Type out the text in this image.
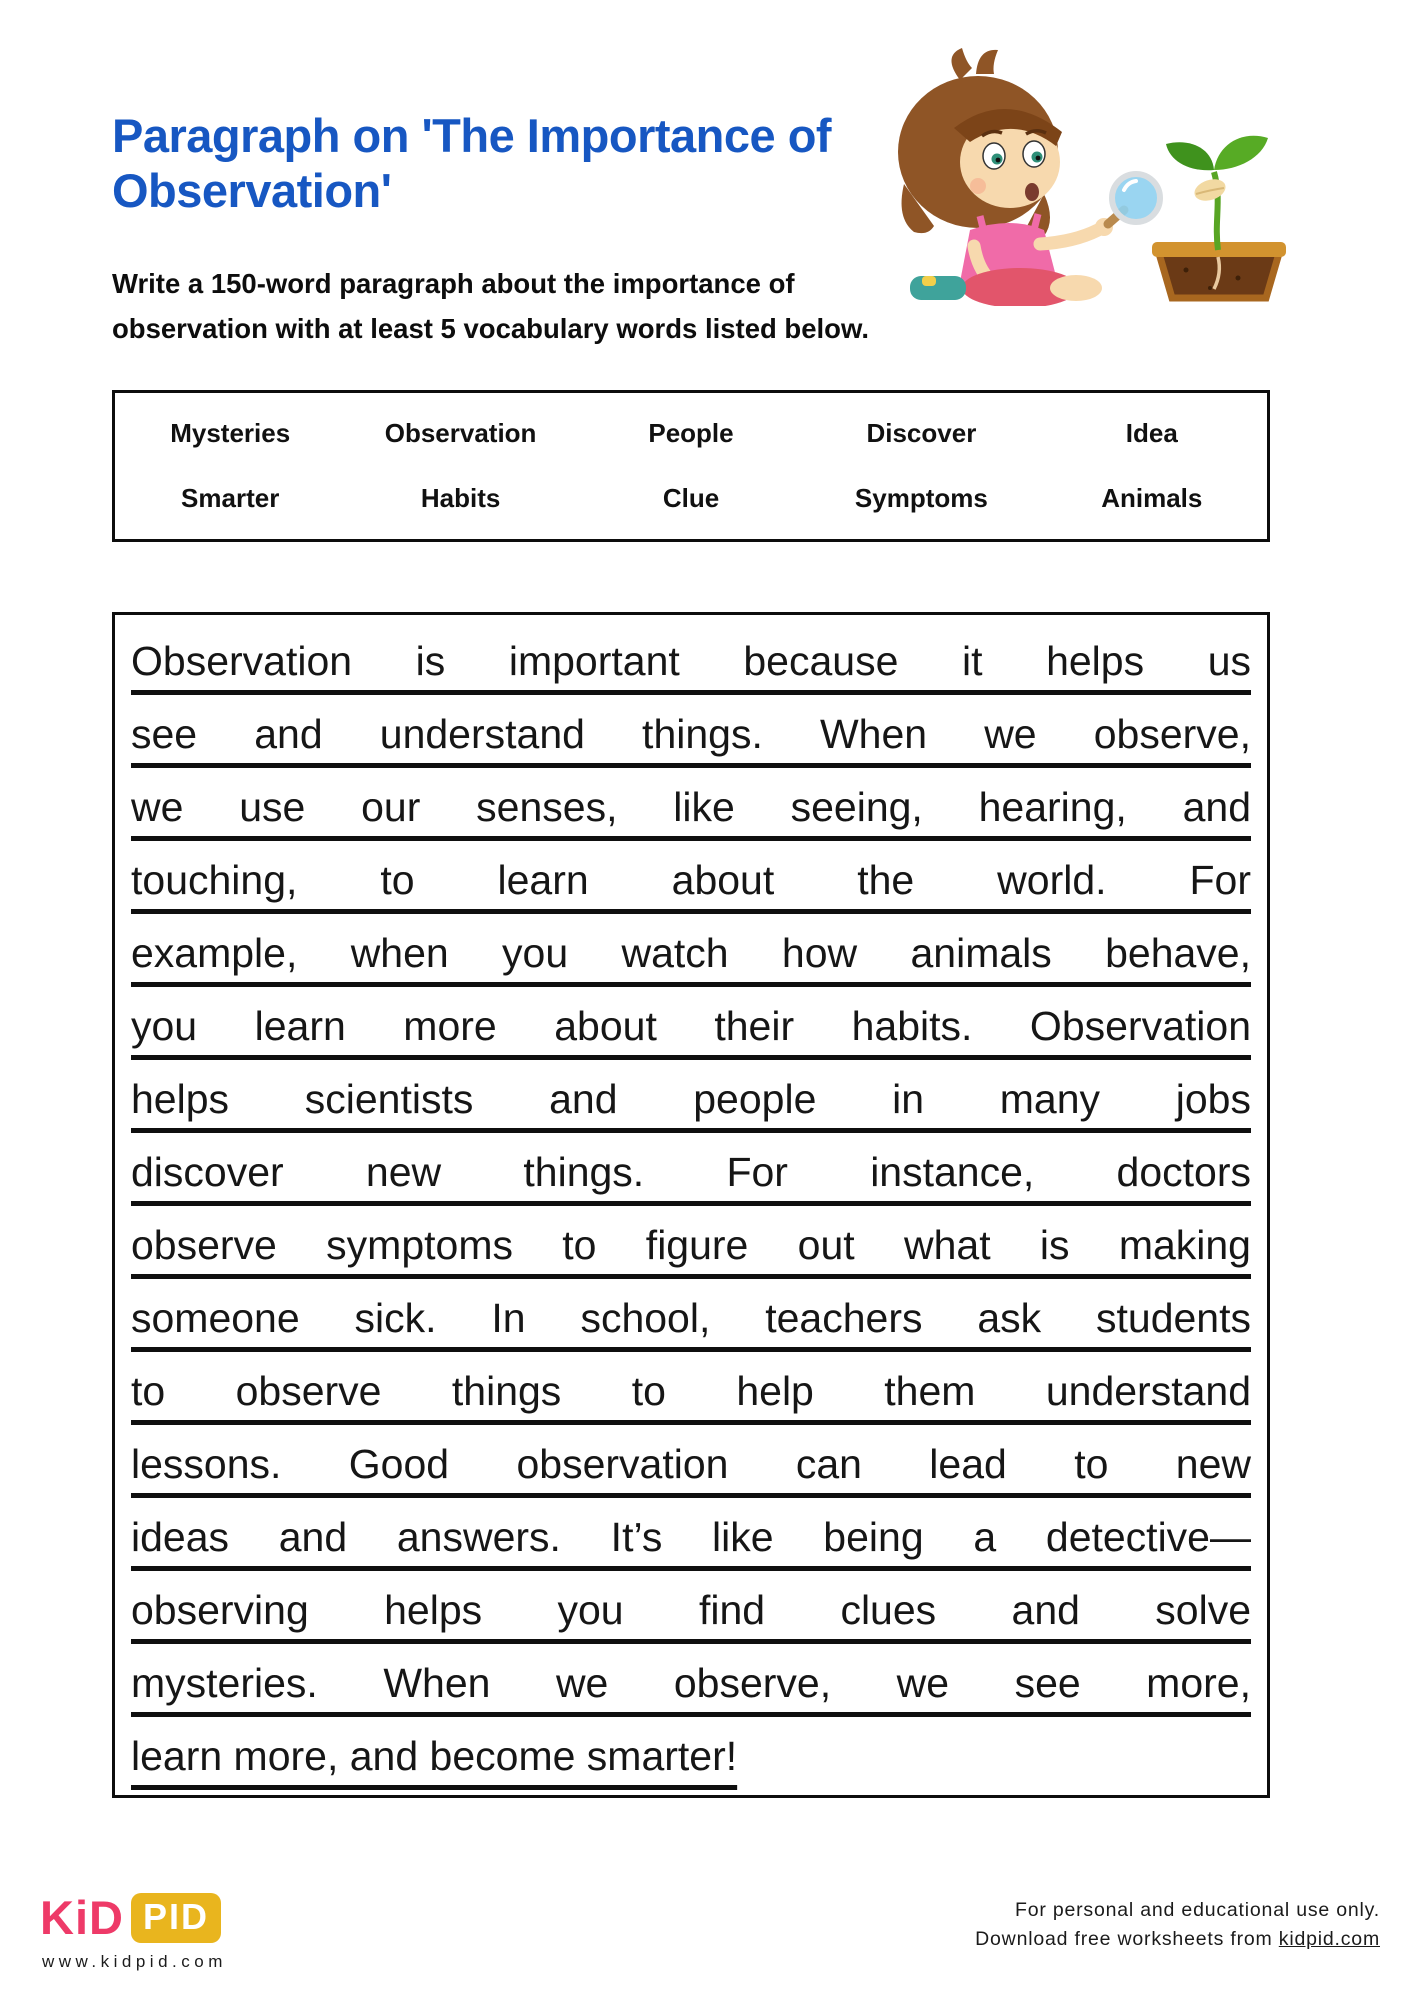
Paragraph on 'The Importance of
Observation'
Write a 150-word paragraph about the importance of
observation with at least 5 vocabulary words listed below.
Mysteries	Observation	People	Discover	Idea
Smarter	Habits	Clue	Symptoms	Animals
Observation is important because it helps us
see and understand things. When we observe,
we use our senses, like seeing, hearing, and
touching, to learn about the world. For
example, when you watch how animals behave,
you learn more about their habits. Observation
helps scientists and people in many jobs
discover new things. For instance, doctors
observe symptoms to figure out what is making
someone sick. In school, teachers ask students
to observe things to help them understand
lessons. Good observation can lead to new
ideas and answers. It’s like being a detective—
observing helps you find clues and solve
mysteries. When we observe, we see more,
learn more, and become smarter!
KiD PID
www.kidpid.com
For personal and educational use only.
Download free worksheets from kidpid.com
